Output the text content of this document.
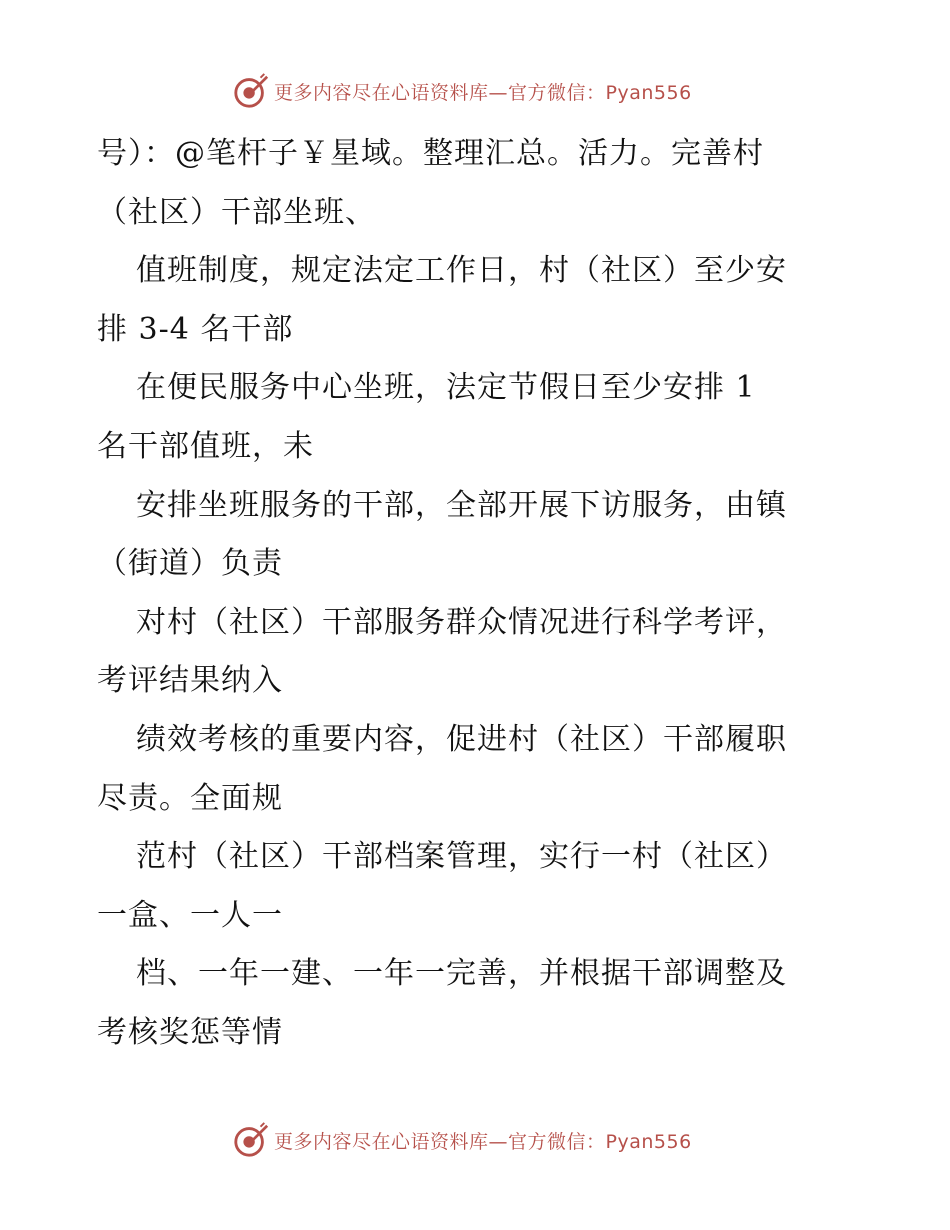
更多内容尽在心语资料库—官方微信：Pyan556
号）：@笔杆子￥星域。整理汇总。活力。完善村
（社区）干部坐班、
值班制度，规定法定工作日，村（社区）至少安
排 3-4 名干部
在便民服务中心坐班，法定节假日至少安排 1
名干部值班，未
安排坐班服务的干部，全部开展下访服务，由镇
（街道）负责
对村（社区）干部服务群众情况进行科学考评，
考评结果纳入
绩效考核的重要内容，促进村（社区）干部履职
尽责。全面规
范村（社区）干部档案管理，实行一村（社区）
一盒、一人一
档、一年一建、一年一完善，并根据干部调整及
考核奖惩等情
更多内容尽在心语资料库—官方微信：Pyan556
